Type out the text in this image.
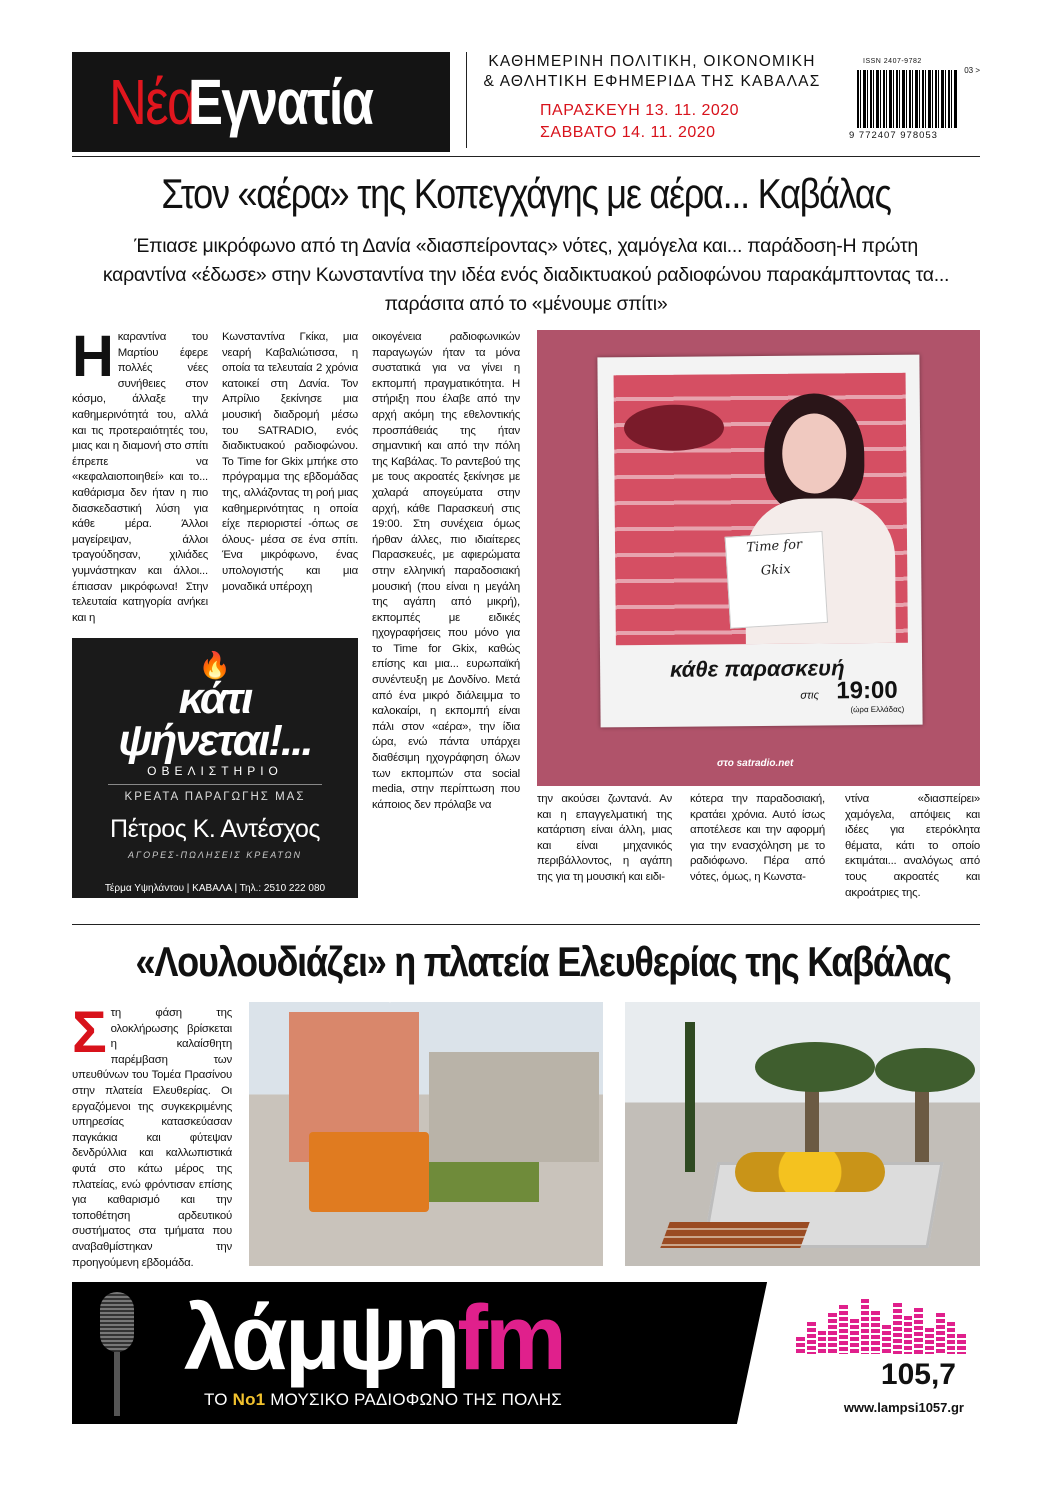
Νέα
Εγνατία
ΚΑΘΗΜΕΡΙΝΗ ΠΟΛΙΤΙΚΗ, ΟΙΚΟΝΟΜΙΚΗ
& ΑΘΛΗΤΙΚΗ ΕΦΗΜΕΡΙΔΑ ΤΗΣ ΚΑΒΑΛΑΣ
ΠΑΡΑΣΚΕΥΗ 13. 11. 2020
ΣΑΒΒΑΤΟ 14. 11. 2020
ISSN 2407-9782
03 >
9 772407 978053
Στον «αέρα» της Κοπεγχάγης με αέρα... Καβάλας
Έπιασε μικρόφωνο από τη Δανία «διασπείροντας» νότες, χαμόγελα και... παράδοση-Η πρώτη καραντίνα «έδωσε» στην Κωνσταντίνα την ιδέα ενός διαδικτυακού ραδιοφώνου παρακάμπτοντας τα... παράσιτα από το «μένουμε σπίτι»
Ηκαραντίνα του Μαρτίου έφερε πολλές νέες συνήθειες στον κόσμο, άλλαξε την καθημερινότητά του, αλλά και τις προτεραιότητές του, μιας και η διαμονή στο σπίτι έπρεπε να «κεφαλαιοποιηθεί» και το... καθάρισμα δεν ήταν η πιο διασκεδαστική λύση για κάθε μέρα. Άλλοι μαγείρεψαν, άλλοι τραγούδησαν, χιλιάδες γυμνάστηκαν και άλλοι... έπιασαν μικρόφωνα! Στην τελευταία κατηγορία ανήκει και η
Κωνσταντίνα Γκίκα, μια νεαρή Καβαλιώτισσα, η οποία τα τελευταία 2 χρόνια κατοικεί στη Δανία. Τον Απρίλιο ξεκίνησε μια μουσική διαδρομή μέσω του SATRADIO, ενός διαδικτυακού ραδιοφώνου. Το Time for Gkix μπήκε στο πρόγραμμα της εβδομάδας της, αλλάζοντας τη ροή μιας καθημερινότητας η οποία είχε περιοριστεί -όπως σε όλους- μέσα σε ένα σπίτι. Ένα μικρόφωνο, ένας υπολογιστής και μια μοναδικά υπέροχη
οικογένεια ραδιοφωνικών παραγωγών ήταν τα μόνα συστατικά για να γίνει η εκπομπή πραγματικότητα. Η στήριξη που έλαβε από την αρχή ακόμη της εθελοντικής προσπάθειάς της ήταν σημαντική και από την πόλη της Καβάλας. Το ραντεβού της με τους ακροατές ξεκίνησε με χαλαρά απογεύματα στην αρχή, κάθε Παρασκευή στις 19:00. Στη συνέχεια όμως ήρθαν άλλες, πιο ιδιαίτερες Παρασκευές, με αφιερώματα στην ελληνική παραδοσιακή μουσική (που είναι η μεγάλη της αγάπη από μικρή), εκπομπές με ειδικές ηχογραφήσεις που μόνο για το Time for Gkix, καθώς επίσης και μια... ευρωπαϊκή συνέντευξη με Δονδίνο. Μετά από ένα μικρό διάλειμμα το καλοκαίρι, η εκπομπή είναι πάλι στον «αέρα», την ίδια ώρα, ενώ πάντα υπάρχει διαθέσιμη ηχογράφηση όλων των εκπομπών στα social media, στην περίπτωση που κάποιος δεν πρόλαβε να	την ακούσει ζωντανά. Αν και η επαγγελματική της κατάρτιση είναι άλλη, μιας και είναι μηχανικός περιβάλλοντος, η αγάπη της για τη μουσική και ειδι-
κότερα την παραδοσιακή, κρατάει χρόνια. Αυτό ίσως αποτέλεσε και την αφορμή για την ενασχόληση με το ραδιόφωνο. Πέρα από νότες, όμως, η Κωνστα-
ντίνα «διασπείρει» χαμόγελα, απόψεις και ιδέες για ετερόκλητα θέματα, κάτι το οποίο εκτιμάται... αναλόγως από τους ακροατές και ακροάτριες της.
Time for
Gkix
κάθε παρασκευή
στις 19:00
(ώρα Ελλάδας)
στο satradio.net
🔥
κάτι
ψήνεται!...
ΟΒΕΛΙΣΤΗΡΙΟ
ΚΡΕΑΤΑ ΠΑΡΑΓΩΓΗΣ ΜΑΣ
Πέτρος Κ. Αντέσχος
ΑΓΟΡΕΣ-ΠΩΛΗΣΕΙΣ ΚΡΕΑΤΩΝ
Τέρμα Υψηλάντου | ΚΑΒΑΛΑ | Τηλ.: 2510 222 080
COSMOTE: 6971 969 099 VODAFONE: 6955 440 070
«Λουλουδιάζει» η πλατεία Ελευθερίας της Καβάλας
Στη φάση της ολοκλήρωσης βρίσκεται η καλαίσθητη παρέμβαση των υπευθύνων του Τομέα Πρασίνου στην πλατεία Ελευθερίας. Οι εργαζόμενοι της συγκεκριμένης υπηρεσίας κατασκεύασαν παγκάκια και φύτεψαν δενδρύλλια και καλλωπιστικά φυτά στο κάτω μέρος της πλατείας, ενώ φρόντισαν επίσης για καθαρισμό και την τοποθέτηση αρδευτικού συστήματος στα τμήματα που αναβαθμίστηκαν την προηγούμενη εβδομάδα.
λάμψηfm
ΤΟ Νο1 ΜΟΥΣΙΚΟ ΡΑΔΙΟΦΩΝΟ ΤΗΣ ΠΟΛΗΣ
105,7
www.lampsi1057.gr
